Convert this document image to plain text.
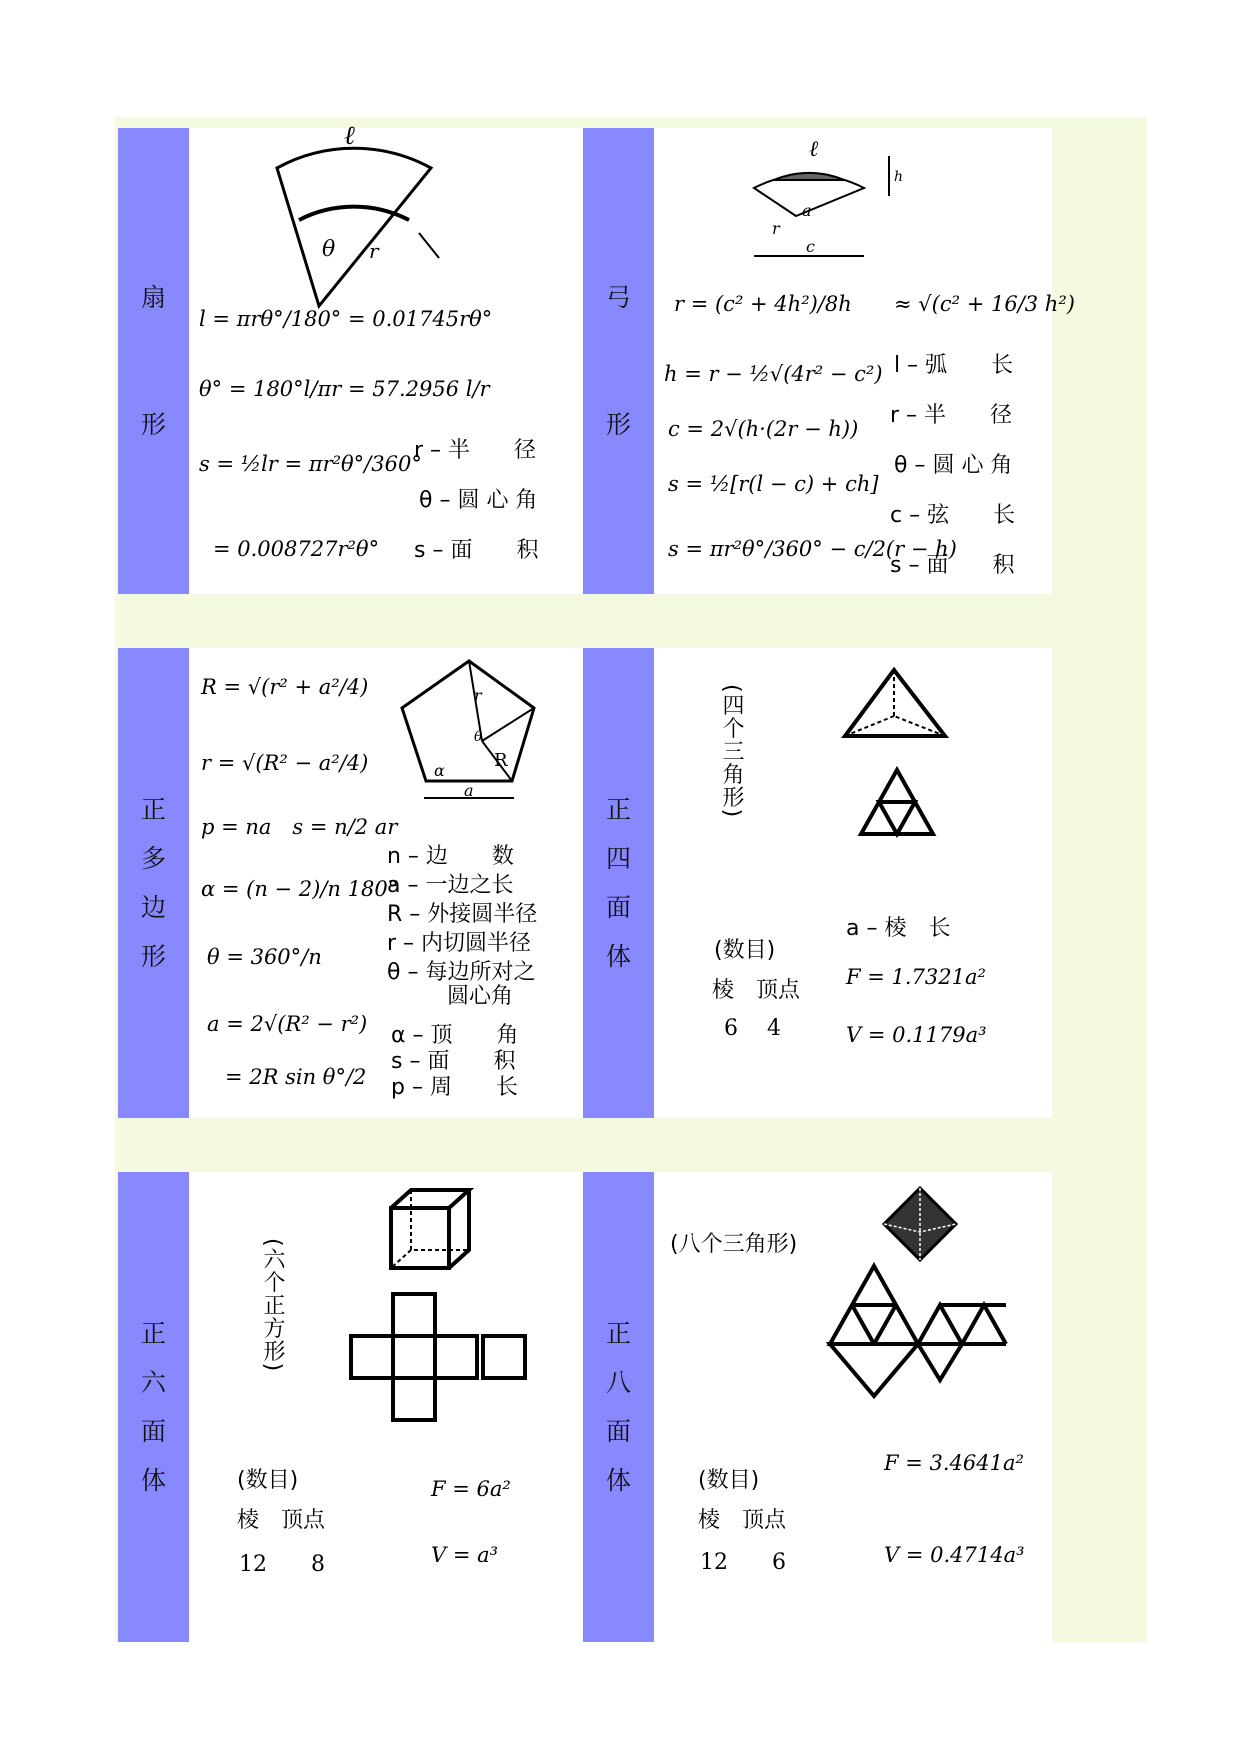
扇
形
ℓ
θ r
l = πrθ°/180° = 0.01745rθ°
θ° = 180°l/πr = 57.2956 l/r
s = ½lr = πr²θ°/360°
= 0.008727r²θ°
r – 半　　径
θ – 圆 心 角
s – 面　　积
弓
形
ℓ
h
a
r
c
r = (c² + 4h²)/8h ≈ √(c² + 16/3 h²)
h = r − ½√(4r² − c²)
c = 2√(h·(2r − h))
s = ½[r(l − c) + ch]
s = πr²θ°/360° − c/2(r − h)
l – 弧　　长
r – 半　　径
θ – 圆 心 角
c – 弦　　长
s – 面　　积
正
多
边
形
R = √(r² + a²/4)
r = √(R² − a²/4)
p = na　s = n/2 ar
α = (n − 2)/n 180°
θ = 360°/n
a = 2√(R² − r²)
= 2R sin θ°/2
r
θ
R
α
a
n – 边　　数
a – 一边之长
R – 外接圆半径
r – 内切圆半径
θ – 每边所对之
圆心角
α – 顶　　角
s – 面　　积
p – 周　　长
正
四
面
体
(四个三角形)
(数目)
棱　顶点
6　 4
a – 棱　长
F = 1.7321a²
V = 0.1179a³
正
六
面
体
(六个正方形)
(数目)
棱　顶点
12　　8
F = 6a²
V = a³
正
八
面
体
(八个三角形)
(数目)
棱　顶点
12　　6
F = 3.4641a²
V = 0.4714a³
